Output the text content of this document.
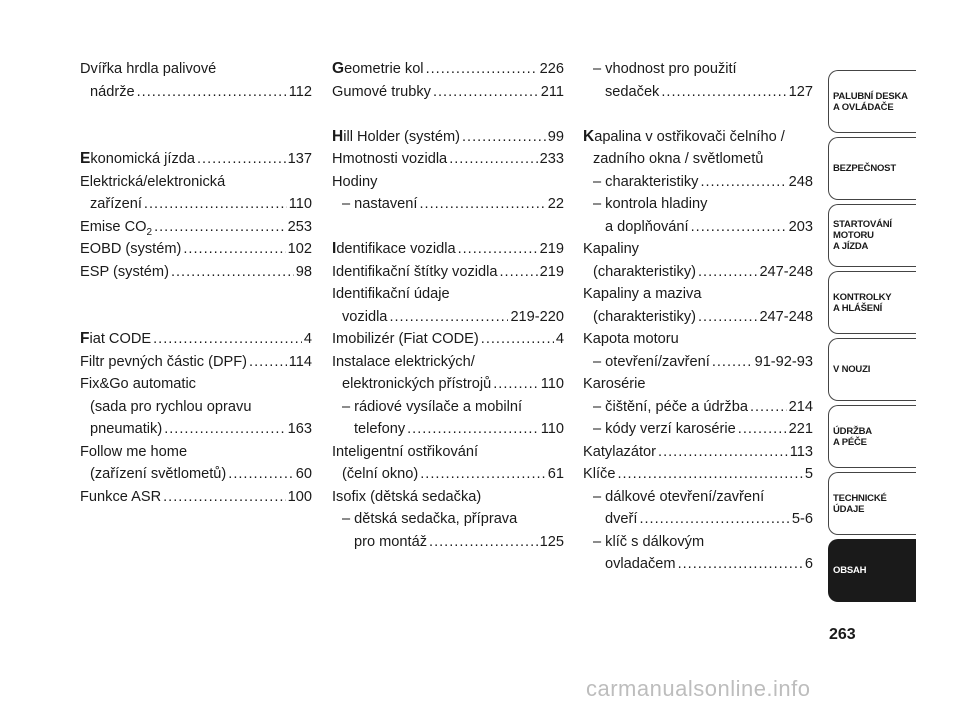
Dvířka hrdla palivové
nádrže .....	112
Ekonomická jízda .....	137
Elektrická/elektronická
zařízení .....	110
Emise $CO_2$ .....	253
EOBD (systém) .....	102
ESP (systém) .....	98
Fiat CODE .....	4
Filtr pevných částic (DPF) .....	114
Fix&Go automatic
(sada pro rychlou opravu
pneumatik) .....	163
Follow me home
(zařízení světlometů) .....	60
Funkce ASR .....	100
Geometrie kol .....	226
Gumové trubky .....	211
Hill Holder (systém) .....	99
Hmotnosti vozidla .....	233
Hodiny
– nastavení .....	22
Identifikace vozidla .....	219
Identifikační štítky vozidla .....	219
Identifikační údaje
vozidla .....	219-220
Imobilizér (Fiat CODE) .....	4
Instalace elektrických/
elektronických přístrojů .....	110
– rádiové vysílače a mobilní
telefony .....	110
Inteligentní ostřikování
(čelní okno) .....	61
Isofix (dětská sedačka)
– dětská sedačka, příprava
pro montáž .....	125
– vhodnost pro použití
sedaček .....	127
Kapalina v ostřikovači čelního /
zadního okna / světlometů
– charakteristiky .....	248
– kontrola hladiny
a doplňování .....	203
Kapaliny
(charakteristiky) .....	247-248
Kapaliny a maziva
(charakteristiky) .....	247-248
Kapota motoru
– otevření/zavření .....	91-92-93
Karosérie
– čištění, péče a údržba .....	214
– kódy verzí karosérie .....	221
Katylazátor .....	113
Klíče .....	5
– dálkové otevření/zavření
dveří .....	5-6
– klíč s dálkovým
ovladačem .....	6
PALUBNÍ DESKA
A OVLÁDAČE
BEZPEČNOST
STARTOVÁNÍ
MOTORU
A JÍZDA
KONTROLKY
A HLÁŠENÍ
V NOUZI
ÚDRŽBA
A PÉČE
TECHNICKÉ
ÚDAJE
OBSAH
263
carmanualsonline.info
